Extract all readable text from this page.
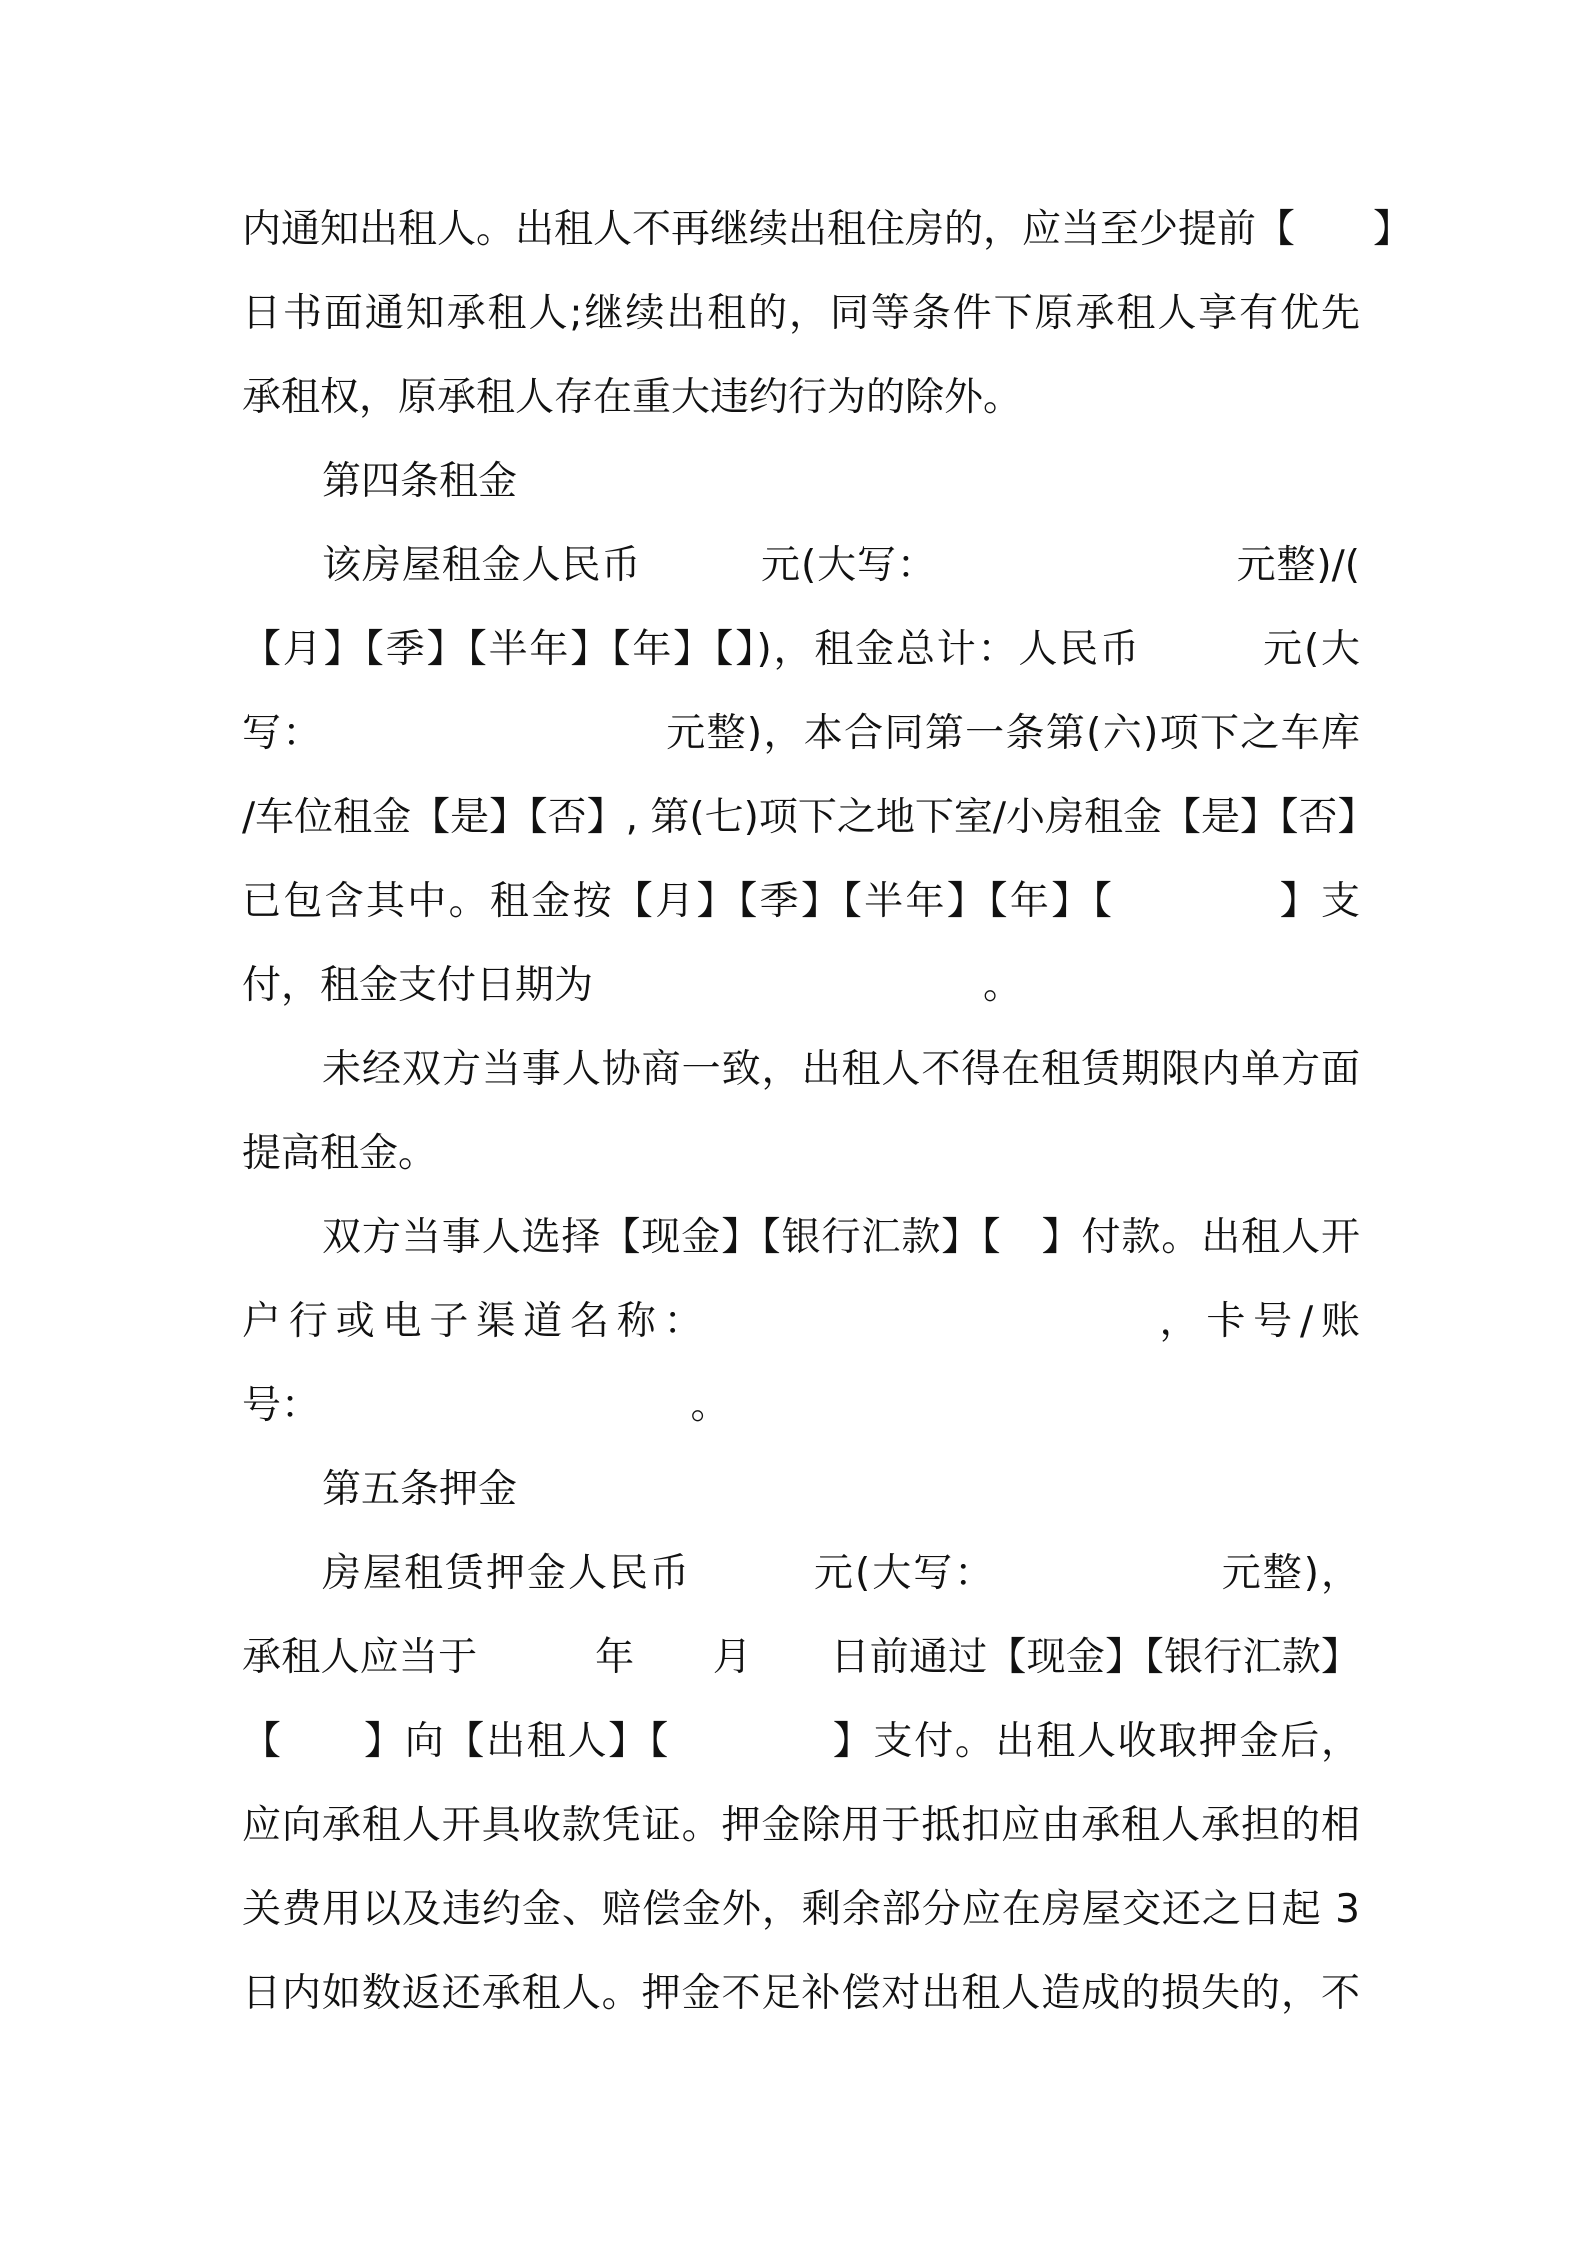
内通知出租人。出租人不再继续出租住房的，应当至少提前【　　】
日书面通知承租人;继续出租的，同等条件下原承租人享有优先
承租权，原承租人存在重大违约行为的除外。
第四条租金
该房屋租金人民币　　　元(大写：　　　　　　　　元整)/(
【月】【季】【半年】【年】【】)，租金总计：人民币　　　元(大
写：　　　　　　　　　元整)，本合同第一条第(六)项下之车库
/车位租金【是】【否】, 第(七)项下之地下室/小房租金【是】【否】
已包含其中。租金按【月】【季】【半年】【年】【　　　　】支
付，租金支付日期为　　　　　　　　　　。
未经双方当事人协商一致，出租人不得在租赁期限内单方面
提高租金。
双方当事人选择【现金】【银行汇款】【　】付款。出租人开
户行或电子渠道名称：　　　　　　　　　　，卡号/账
号：　　　　　　　　　　。
第五条押金
房屋租赁押金人民币　　　元(大写：　　　　　　元整)，
承租人应当于　　　年　　月　　日前通过【现金】【银行汇款】
【　　】向【出租人】【　　　　】支付。出租人收取押金后，
应向承租人开具收款凭证。押金除用于抵扣应由承租人承担的相
关费用以及违约金、赔偿金外，剩余部分应在房屋交还之日起 3
日内如数返还承租人。押金不足补偿对出租人造成的损失的，不
